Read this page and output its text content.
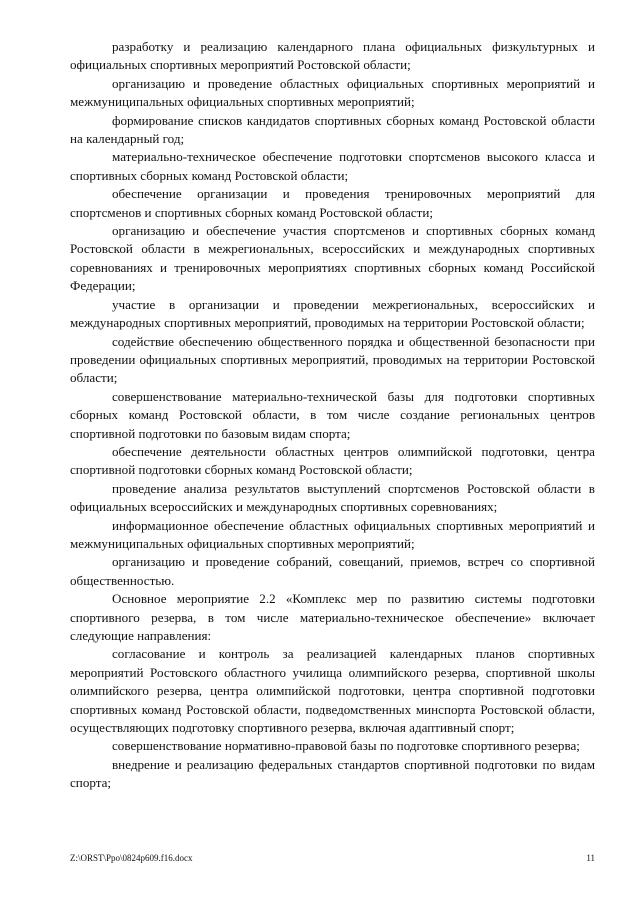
разработку и реализацию календарного плана официальных физкультурных и официальных спортивных мероприятий Ростовской области;

организацию и проведение областных официальных спортивных мероприятий и межмуниципальных официальных спортивных мероприятий;

формирование списков кандидатов спортивных сборных команд Ростовской области на календарный год;

материально-техническое обеспечение подготовки спортсменов высокого класса и спортивных сборных команд Ростовской области;

обеспечение организации и проведения тренировочных мероприятий для спортсменов и спортивных сборных команд Ростовской области;

организацию и обеспечение участия спортсменов и спортивных сборных команд Ростовской области в межрегиональных, всероссийских и международных спортивных соревнованиях и тренировочных мероприятиях спортивных сборных команд Российской Федерации;

участие в организации и проведении межрегиональных, всероссийских и международных спортивных мероприятий, проводимых на территории Ростовской области;

содействие обеспечению общественного порядка и общественной безопасности при проведении официальных спортивных мероприятий, проводимых на территории Ростовской области;

совершенствование материально-технической базы для подготовки спортивных сборных команд Ростовской области, в том числе создание региональных центров спортивной подготовки по базовым видам спорта;

обеспечение деятельности областных центров олимпийской подготовки, центра спортивной подготовки сборных команд Ростовской области;

проведение анализа результатов выступлений спортсменов Ростовской области в официальных всероссийских и международных спортивных соревнованиях;

информационное обеспечение областных официальных спортивных мероприятий и межмуниципальных официальных спортивных мероприятий;

организацию и проведение собраний, совещаний, приемов, встреч со спортивной общественностью.

Основное мероприятие 2.2 «Комплекс мер по развитию системы подготовки спортивного резерва, в том числе материально-техническое обеспечение» включает следующие направления:

согласование и контроль за реализацией календарных планов спортивных мероприятий Ростовского областного училища олимпийского резерва, спортивной школы олимпийского резерва, центра олимпийской подготовки, центра спортивной подготовки спортивных команд Ростовской области, подведомственных минспорта Ростовской области, осуществляющих подготовку спортивного резерва, включая адаптивный спорт;

совершенствование нормативно-правовой базы по подготовке спортивного резерва;

внедрение и реализацию федеральных стандартов спортивной подготовки по видам спорта;

Z:\ORST\Ppo\0824p609.f16.docx	11
